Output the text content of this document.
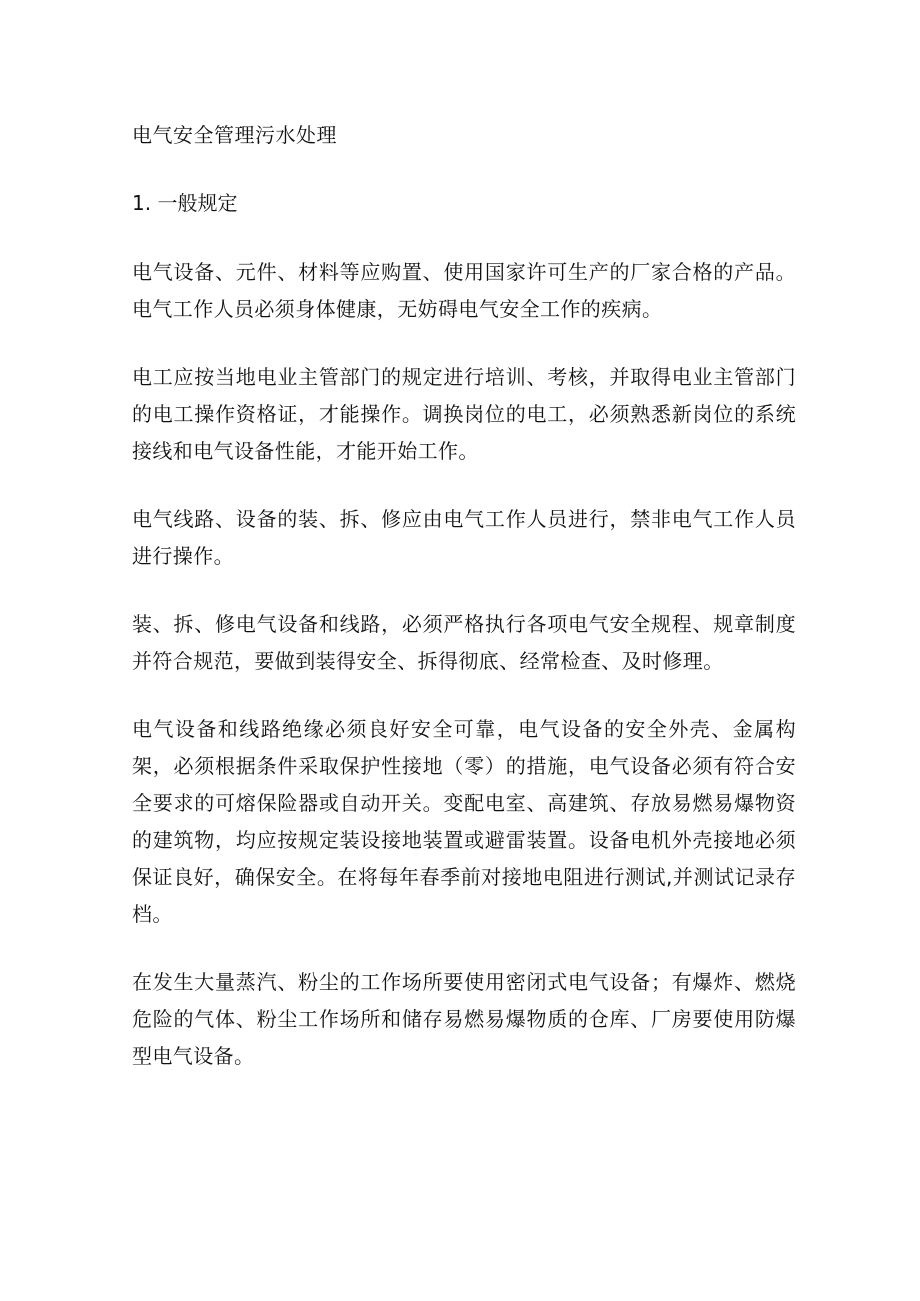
电气安全管理污水处理
1. 一般规定

电气设备、元件、材料等应购置、使用国家许可生产的厂家合格的产品。电气工作人员必须身体健康，无妨碍电气安全工作的疾病。

电工应按当地电业主管部门的规定进行培训、考核，并取得电业主管部门的电工操作资格证，才能操作。调换岗位的电工，必须熟悉新岗位的系统接线和电气设备性能，才能开始工作。

电气线路、设备的装、拆、修应由电气工作人员进行，禁非电气工作人员进行操作。

装、拆、修电气设备和线路，必须严格执行各项电气安全规程、规章制度并符合规范，要做到装得安全、拆得彻底、经常检查、及时修理。

电气设备和线路绝缘必须良好安全可靠，电气设备的安全外壳、金属构架，必须根据条件采取保护性接地（零）的措施，电气设备必须有符合安全要求的可熔保险器或自动开关。变配电室、高建筑、存放易燃易爆物资的建筑物，均应按规定装设接地装置或避雷装置。设备电机外壳接地必须保证良好，确保安全。在将每年春季前对接地电阻进行测试,并测试记录存档。

在发生大量蒸汽、粉尘的工作场所要使用密闭式电气设备；有爆炸、燃烧危险的气体、粉尘工作场所和储存易燃易爆物质的仓库、厂房要使用防爆型电气设备。
